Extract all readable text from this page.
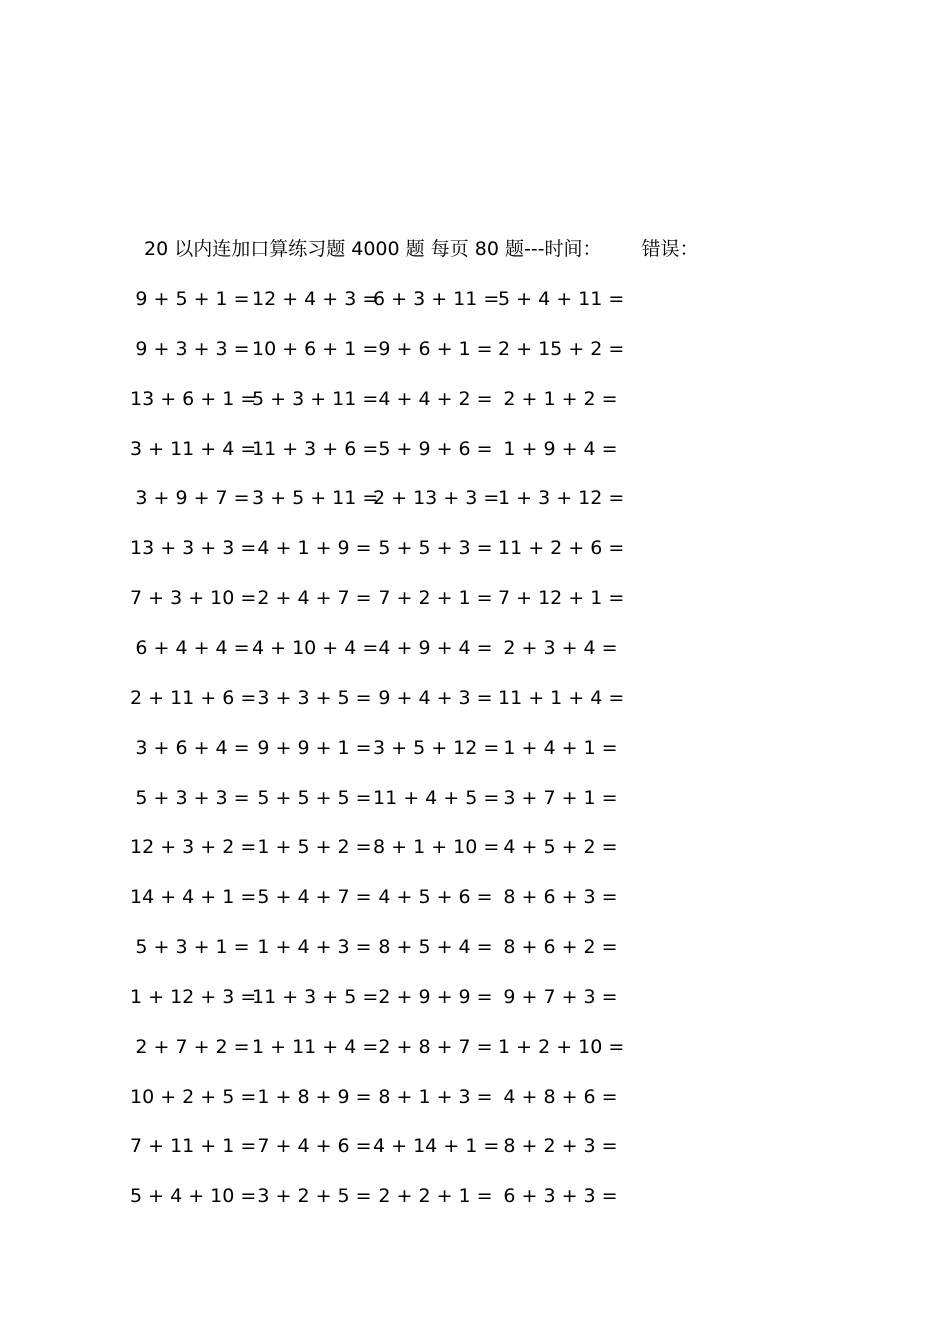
20 以内连加口算练习题 4000 题 每页 80 题---时间： 错误：
9 + 5 + 1 = 12 + 4 + 3 =
6 + 3 + 11 =
5 + 4 + 11 =
9 + 3 + 3 = 10 + 6 + 1 = 9 + 6 + 1 = 2 + 15 + 2 =
13 + 6 + 1 =
5 + 3 + 11 = 4 + 4 + 2 = 2 + 1 + 2 =
3 + 11 + 4 =
11 + 3 + 6 = 5 + 9 + 6 = 1 + 9 + 4 =
3 + 9 + 7 = 3 + 5 + 11 =
2 + 13 + 3 =
1 + 3 + 12 =
13 + 3 + 3 = 4 + 1 + 9 = 5 + 5 + 3 = 11 + 2 + 6 =
7 + 3 + 10 = 2 + 4 + 7 = 7 + 2 + 1 = 7 + 12 + 1 =
6 + 4 + 4 = 4 + 10 + 4 = 4 + 9 + 4 = 2 + 3 + 4 =
2 + 11 + 6 = 3 + 3 + 5 = 9 + 4 + 3 = 11 + 1 + 4 =
3 + 6 + 4 = 9 + 9 + 1 = 3 + 5 + 12 = 1 + 4 + 1 =
5 + 3 + 3 = 5 + 5 + 5 = 11 + 4 + 5 = 3 + 7 + 1 =
12 + 3 + 2 = 1 + 5 + 2 = 8 + 1 + 10 = 4 + 5 + 2 =
14 + 4 + 1 = 5 + 4 + 7 = 4 + 5 + 6 = 8 + 6 + 3 =
5 + 3 + 1 = 1 + 4 + 3 = 8 + 5 + 4 = 8 + 6 + 2 =
1 + 12 + 3 =
11 + 3 + 5 = 2 + 9 + 9 = 9 + 7 + 3 =
2 + 7 + 2 = 1 + 11 + 4 = 2 + 8 + 7 = 1 + 2 + 10 =
10 + 2 + 5 = 1 + 8 + 9 = 8 + 1 + 3 = 4 + 8 + 6 =
7 + 11 + 1 = 7 + 4 + 6 = 4 + 14 + 1 = 8 + 2 + 3 =
5 + 4 + 10 = 3 + 2 + 5 = 2 + 2 + 1 = 6 + 3 + 3 =
